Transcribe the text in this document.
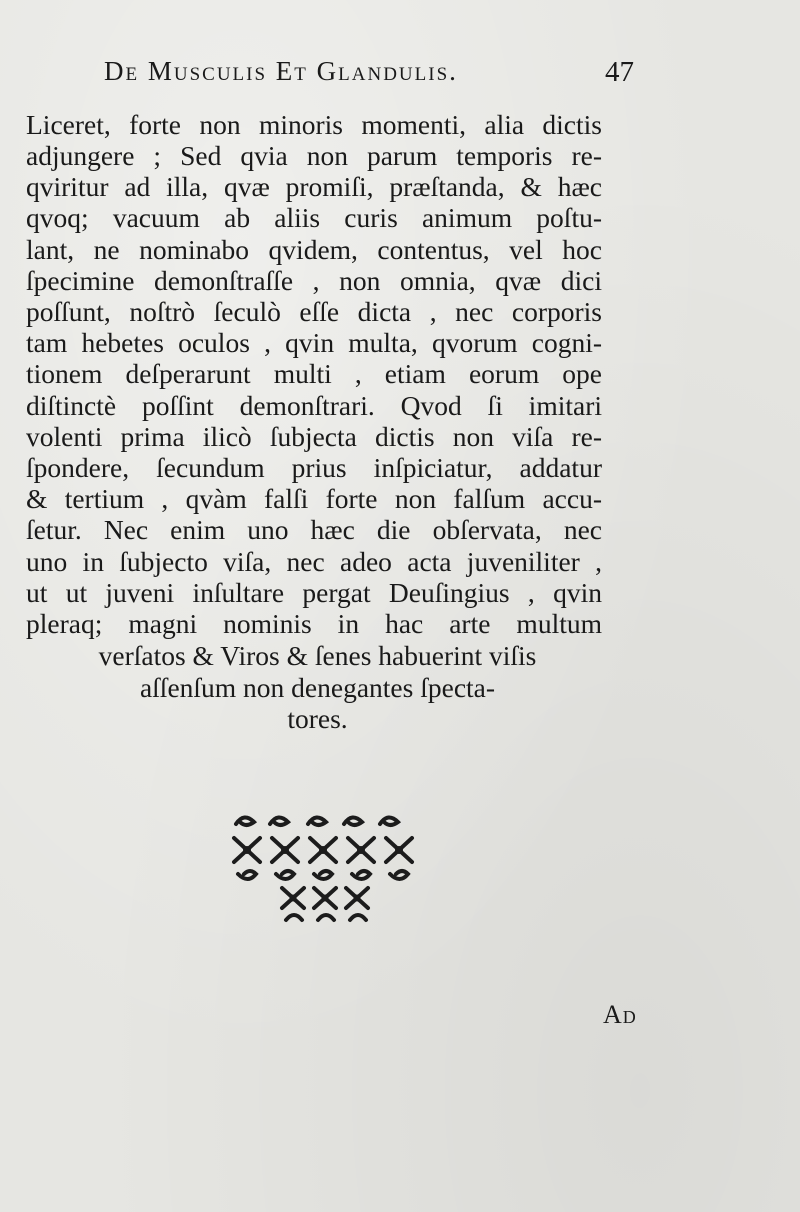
De Musculis Et Glandulis.	47
Liceret, forte non minoris momenti, alia dictis
adjungere ; Sed qvia non parum temporis re-
qviritur ad illa, qvæ promiſi, præſtanda, & hæc
qvoq; vacuum ab aliis curis animum poſtu-
lant, ne nominabo qvidem, contentus, vel hoc
ſpecimine demonſtraſſe , non omnia, qvæ dici
poſſunt, noſtrò ſeculò eſſe dicta , nec corporis
tam hebetes oculos , qvin multa, qvorum cogni-
tionem deſperarunt multi , etiam eorum ope
diſtinctè poſſint demonſtrari. Qvod ſi imitari
volenti prima ilicò ſubjecta dictis non viſa re-
ſpondere, ſecundum prius inſpiciatur, addatur
& tertium , qvàm falſi forte non falſum accu-
ſetur. Nec enim uno hæc die obſervata, nec
uno in ſubjecto viſa, nec adeo acta juveniliter ,
ut ut juveni inſultare pergat Deuſingius , qvin
pleraq; magni nominis in hac arte multum
verſatos & Viros & ſenes habuerint viſis
aſſenſum non denegantes ſpecta-
tores.
Ad
